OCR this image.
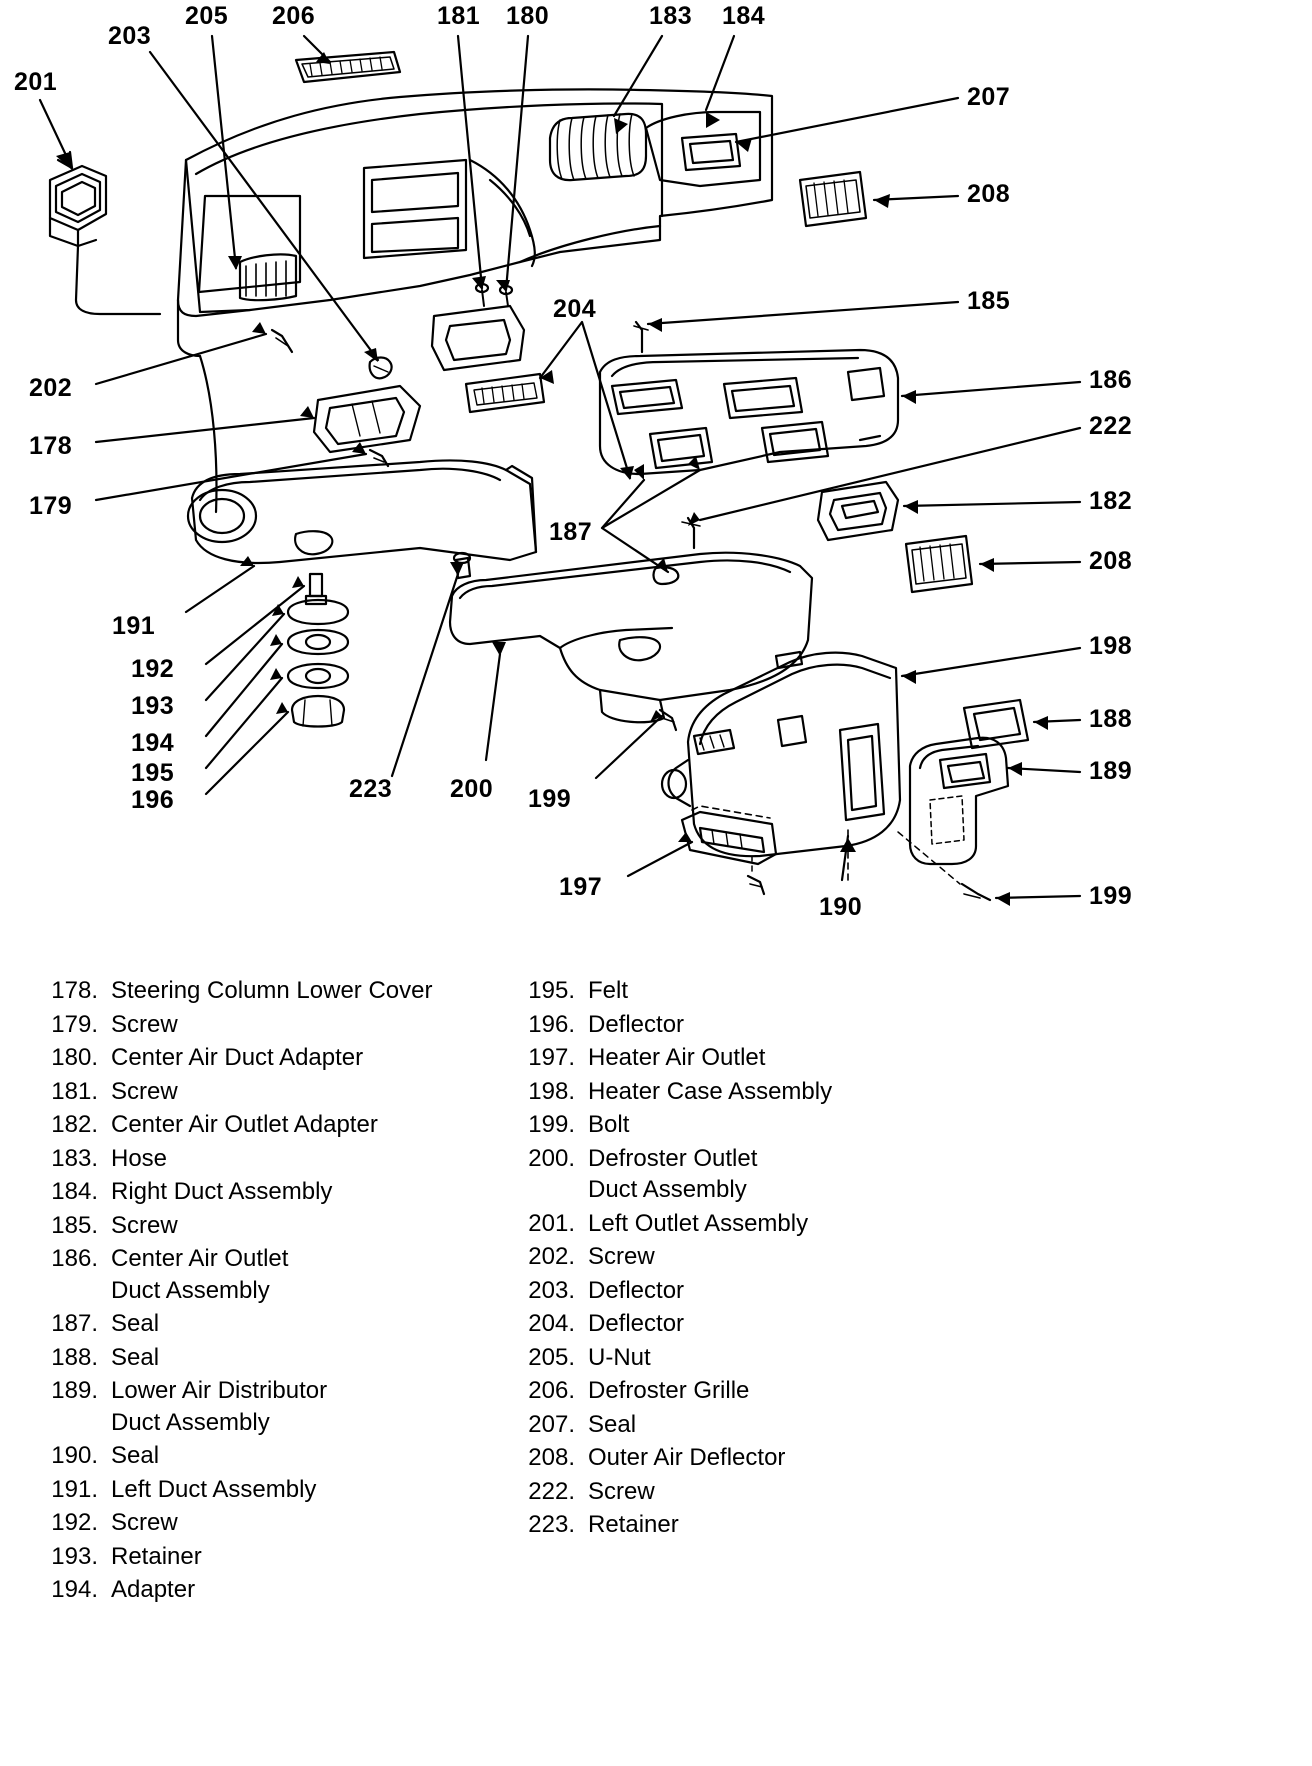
201
203
205 206	181 180	183 184
207
208
185
186
222
182
208
198
188
189
199
204
187
202
178
179
191
192
193
194
195
196	223 200 199
197
190
178. Steering Column Lower Cover
179. Screw
180. Center Air Duct Adapter
181. Screw
182. Center Air Outlet Adapter
183. Hose
184. Right Duct Assembly
185. Screw
186. Center Air Outlet
Duct Assembly
187. Seal
188. Seal
189. Lower Air Distributor
Duct Assembly
190. Seal
191. Left Duct Assembly
192. Screw
193. Retainer
194. Adapter
195. Felt
196. Deflector
197. Heater Air Outlet
198. Heater Case Assembly
199. Bolt
200. Defroster Outlet
Duct Assembly
201. Left Outlet Assembly
202. Screw
203. Deflector
204. Deflector
205. U-Nut
206. Defroster Grille
207. Seal
208. Outer Air Deflector
222. Screw
223. Retainer
